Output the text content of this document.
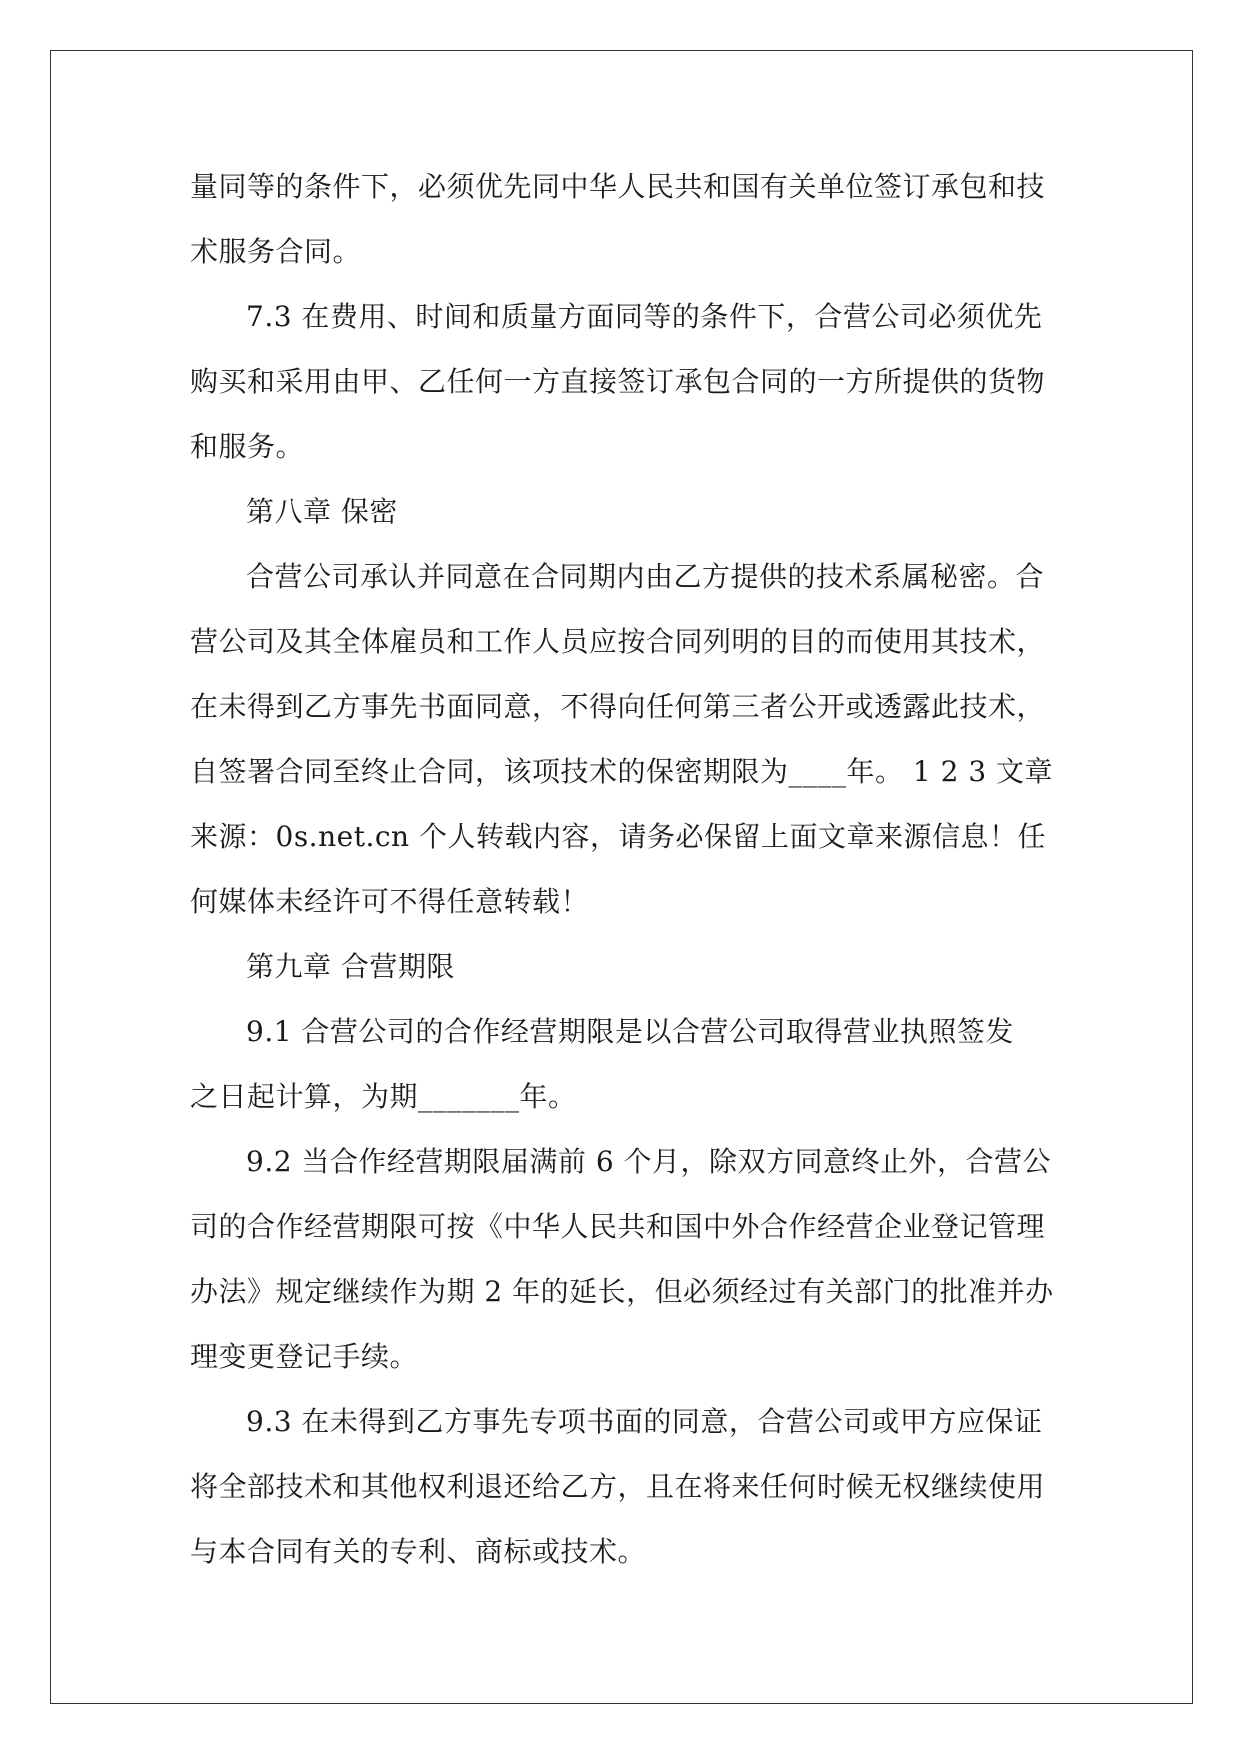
量同等的条件下，必须优先同中华人民共和国有关单位签订承包和技
术服务合同。
7.3 在费用、时间和质量方面同等的条件下，合营公司必须优先
购买和采用由甲、乙任何一方直接签订承包合同的一方所提供的货物
和服务。
第八章 保密
合营公司承认并同意在合同期内由乙方提供的技术系属秘密。合
营公司及其全体雇员和工作人员应按合同列明的目的而使用其技术，
在未得到乙方事先书面同意，不得向任何第三者公开或透露此技术，
自签署合同至终止合同，该项技术的保密期限为____年。 1 2 3 文章
来源：0s.net.cn 个人转载内容，请务必保留上面文章来源信息！任
何媒体未经许可不得任意转载！
第九章 合营期限
9.1 合营公司的合作经营期限是以合营公司取得营业执照签发
之日起计算，为期_______年。
9.2 当合作经营期限届满前 6 个月，除双方同意终止外，合营公
司的合作经营期限可按《中华人民共和国中外合作经营企业登记管理
办法》规定继续作为期 2 年的延长，但必须经过有关部门的批准并办
理变更登记手续。
9.3 在未得到乙方事先专项书面的同意，合营公司或甲方应保证
将全部技术和其他权利退还给乙方，且在将来任何时候无权继续使用
与本合同有关的专利、商标或技术。
